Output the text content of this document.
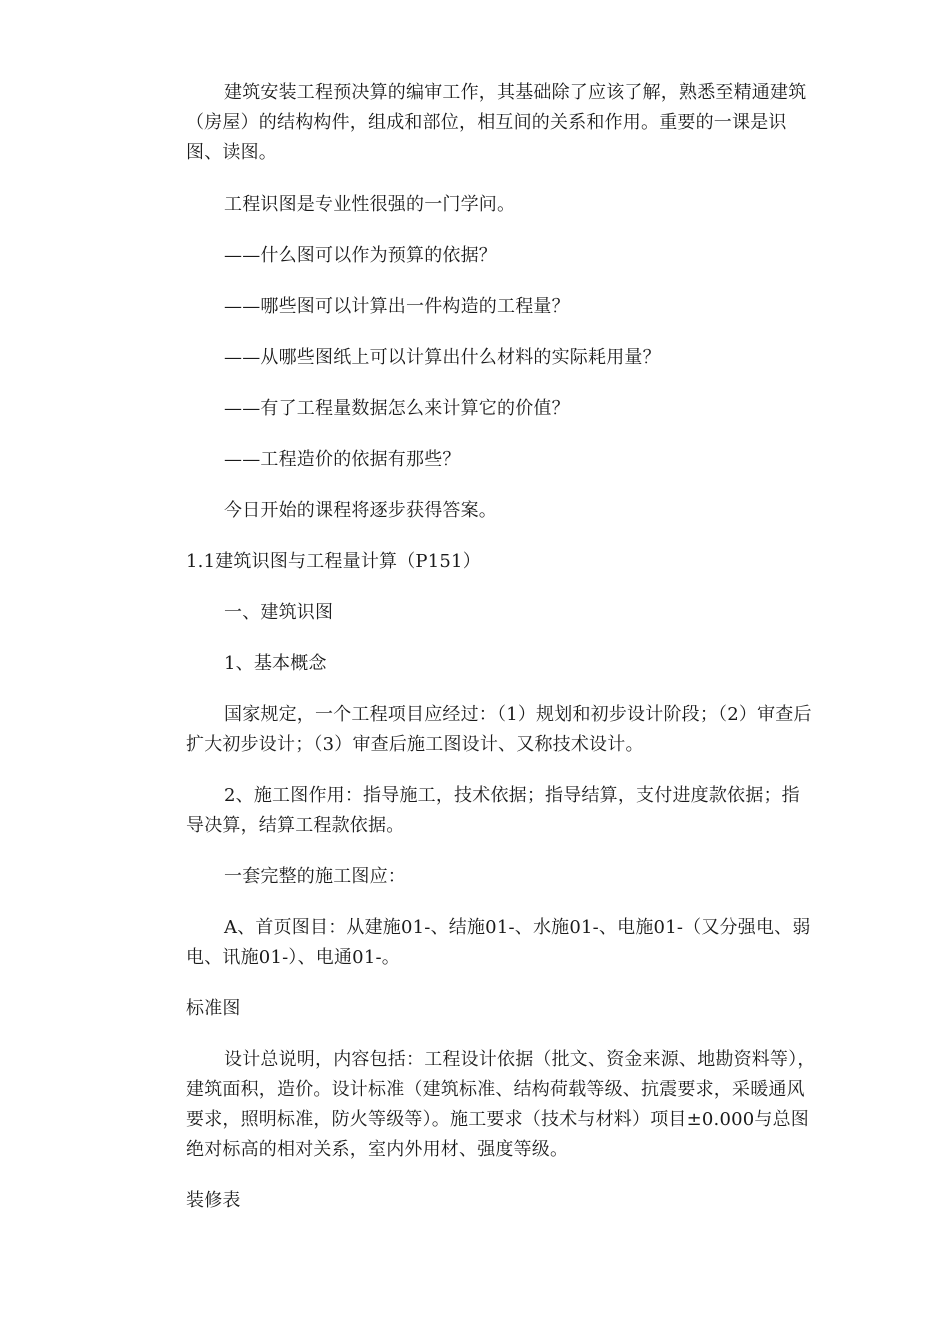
建筑安装工程预决算的编审工作，其基础除了应该了解，熟悉至精通建筑（房屋）的结构构件，组成和部位，相互间的关系和作用。重要的一课是识图、读图。

工程识图是专业性很强的一门学问。

——什么图可以作为预算的依据？

——哪些图可以计算出一件构造的工程量？

——从哪些图纸上可以计算出什么材料的实际耗用量？

——有了工程量数据怎么来计算它的价值？

——工程造价的依据有那些？

今日开始的课程将逐步获得答案。

1.1建筑识图与工程量计算（P151）

一、建筑识图

1、基本概念

国家规定，一个工程项目应经过：（1）规划和初步设计阶段；（2）审查后扩大初步设计；（3）审查后施工图设计、又称技术设计。

2、施工图作用：指导施工，技术依据；指导结算，支付进度款依据；指导决算，结算工程款依据。

一套完整的施工图应：

A、首页图目：从建施01-、结施01-、水施01-、电施01-（又分强电、弱电、讯施01-）、电通01-。

标准图

设计总说明，内容包括：工程设计依据（批文、资金来源、地勘资料等），建筑面积，造价。设计标准（建筑标准、结构荷载等级、抗震要求，采暖通风要求，照明标准，防火等级等）。施工要求（技术与材料）项目±0.000与总图绝对标高的相对关系，室内外用材、强度等级。

装修表
